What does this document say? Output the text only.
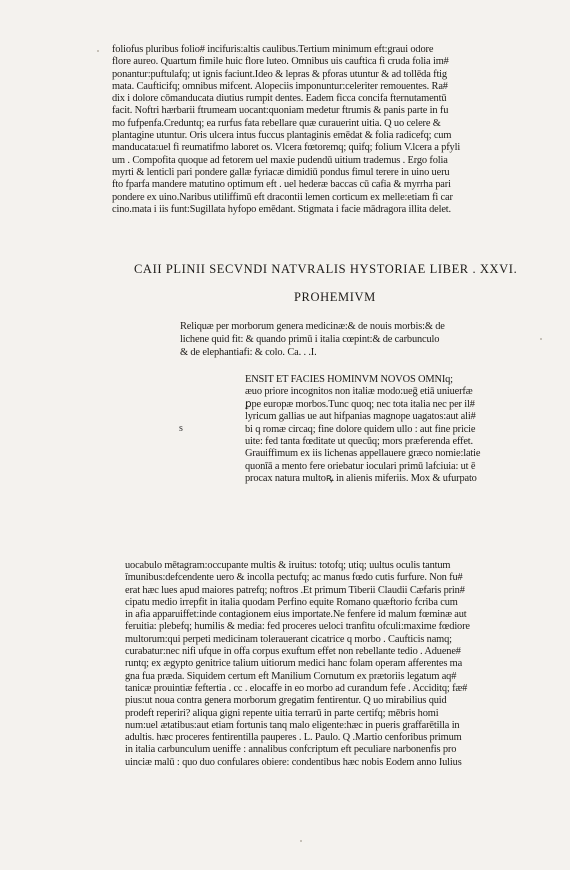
foliofus pluribus folio# incifuris:altis caulibus.Tertium minimum eft:graui odore
flore aureo. Quartum fimile huic flore luteo. Omnibus uis cauftica fi cruda folia im#
ponantur:puftulafq; ut ignis faciunt.Ideo & lepras & pforas utuntur & ad tollēda ftig
mata. Caufticifq; omnibus mifcent. Alopeciis imponuntur:celeriter remouentes. Ra#
dix i dolore cōmanducata diutius rumpit dentes. Eadem ficca concifa fternutamentū
facit. Noftri hærbarii ftrumeam uocant:quoniam medetur ftrumis & panis parte in fu
mo fufpenfa.Creduntq; ea rurfus fata rebellare quæ curauerint uitia. Q uo celere &
plantagine utuntur. Oris ulcera intus fuccus plantaginis emēdat & folia radicefq; cum
manducata:uel fi reumatifmo laboret os. Vlcera fœtoremq; quifq; folium V.lcera a pfyli
um . Compofita quoque ad fetorem uel maxie pudendū uitium trademus . Ergo folia
myrti & lenticli pari pondere gallæ fyriacæ dimidiū pondus fimul terere in uino ueru
fto fparfa mandere matutino optimum eft . uel hederæ baccas cū cafia & myrrha pari
pondere ex uino.Naribus utiliffimū eft dracontii lemen corticum ex melle:etiam fi car
cino.mata i iis funt:Sugillata hyfopo emēdant. Stigmata i facie mādragora illita delet.
CAII PLINII SECVNDI NATVRALIS HYSTORIAE LIBER . XXVI.
PROHEMIVM
Reliquæ per morborum genera medicinæ:& de nouis morbis:& de
lichene quid fit: & quando primū i italia cœpint:& de carbunculo
& de elephantiafi: & colo. Ca. . .I.
ENSIT ET FACIES HOMINVM NOVOS OMNIq;
æuo priore incognitos non italiæ modo:ueḡ etiā uniuerfæ
ꝑpe europæ morbos.Tunc quoq; nec tota italia nec per il#
lyricum gallias ue aut hifpanias magnope uagatos:aut ali#
bi q romæ circaq; fine dolore quidem ullo : aut fine pricie
uite: fed tanta fœditate ut quecūq; mors præferenda effet.
Grauiffimum ex iis lichenas appellauere græco nomie:latie
quonīā a mento fere oriebatur ioculari primū lafciuia: ut ē
procax natura multoꝶ in alienis miferiis. Mox & ufurpato
s
uocabulo mētagram:occupante multis & iruitus: totofq; utiq; uultus oculis tantum
īmunibus:defcendente uero & incolla pectufq; ac manus fœdo cutis furfure. Non fu#
erat hæc lues apud maiores patrefq; noftros .Et primum Tiberii Claudii Cæfaris prin#
cipatu medio irrepfit in italia quodam Perfino equite Romano quæftorio fcriba cum
in afia apparuiffet:inde contagionem eius importate.Ne fenfere id malum fœminæ aut
feruitia: plebefq; humilis & media: fed proceres ueloci tranfitu ofculi:maxime fœdiore
multorum:qui perpeti medicinam tolerauerant cicatrice q morbo . Caufticis namq;
curabatur:nec nifi ufque in offa corpus exuftum effet non rebellante tedio . Aduene#
runtq; ex ægypto genitrice talium uitiorum medici hanc folam operam afferentes ma
gna fua præda. Siquidem certum eft Manilium Cornutum ex prætoriis legatum aq#
tanicæ prouintiæ feftertia . cc . elocaffe in eo morbo ad curandum fefe . Acciditq; fæ#
pius:ut noua contra genera morborum gregatim fentirentur. Q uo mirabilius quid
prodeft reperiri? aliqua gigni repente uitia terrarū in parte certifq; mēbris homi
num:uel ætatibus:aut etiam fortunis tanq malo eligente:hæc in pueris graffarētilla in
adultis. hæc proceres fentirentilla pauperes . L. Paulo. Q .Martio cenforibus primum
in italia carbunculum ueniffe : annalibus confcriptum eft peculiare narbonenfis pro
uinciæ malū : quo duo confulares obiere: condentibus hæc nobis Eodem anno Iulius
